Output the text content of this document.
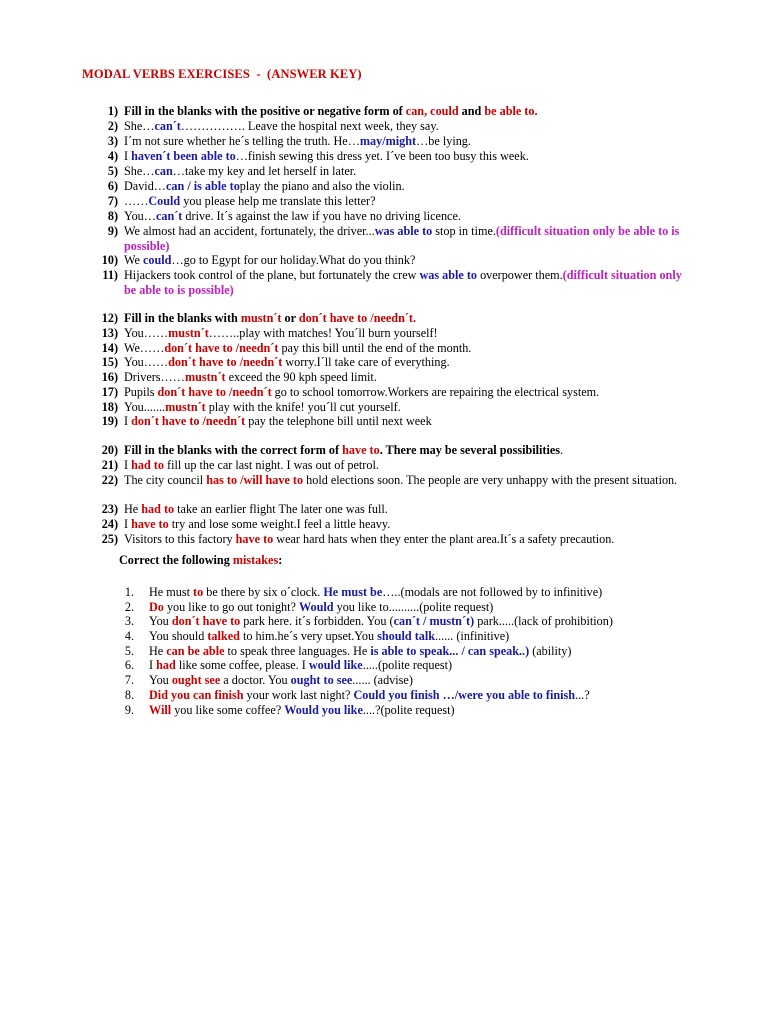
MODAL VERBS EXERCISES  -  (ANSWER KEY)
1) Fill in the blanks with the positive or negative form of can, could and be able to.
2) She…can´t……………. Leave the hospital next week, they say.
3) I´m not sure whether he´s telling the truth. He…may/might…be lying.
4) I haven´t been able to…finish sewing this dress yet. I´ve been too busy this week.
5) She…can…take my key and let herself in later.
6) David…can / is able toplay the piano and also the violin.
7) ……Could you please help me translate this letter?
8) You…can´t drive. It´s against the law if you have no driving licence.
9) We almost had an accident, fortunately, the driver...was able to stop in time.(difficult situation only be able to is possible)
10) We could…go to Egypt for our holiday.What do you think?
11) Hijackers took control of the plane, but fortunately the crew was able to overpower them.(difficult situation only be able to is possible)
12) Fill in the blanks with mustn´t or don´t have to /needn´t.
13) You……mustn´t……..play with matches! You´ll burn yourself!
14) We……don´t have to /needn´t pay this bill until the end of the month.
15) You……don´t have to /needn´t worry.I´ll take care of everything.
16) Drivers……mustn´t exceed the 90 kph speed limit.
17) Pupils don´t have to /needn´t go to school tomorrow.Workers are repairing the electrical system.
18) You.......mustn´t play with the knife! you´ll cut yourself.
19) I don´t have to /needn´t pay the telephone bill until next week
20) Fill in the blanks with the correct form of have to. There may be several possibilities.
21) I had to fill up the car last night. I was out of petrol.
22) The city council has to /will have to hold elections soon. The people are very unhappy with the present situation.
23) He had to take an earlier flight The later one was full.
24) I have to try and lose some weight.I feel a little heavy.
25) Visitors to this factory have to wear hard hats when they enter the plant area.It´s a safety precaution.
Correct the following mistakes:
1. He must to be there by six o´clock. He must be…..(modals are not followed by to infinitive)
2. Do you like to go out tonight? Would you like to..........(polite request)
3. You don´t have to park here. it´s forbidden. You (can´t / mustn´t) park.....(lack of prohibition)
4. You should talked to him.he´s very upset.You should talk...... (infinitive)
5. He can be able to speak three languages. He is able to speak... / can speak..) (ability)
6. I had like some coffee, please. I would like.....(polite request)
7. You ought see a doctor. You ought to see...... (advise)
8. Did you can finish your work last night? Could you finish …/were you able to finish...?
9. Will you like some coffee? Would you like....?(polite request)
